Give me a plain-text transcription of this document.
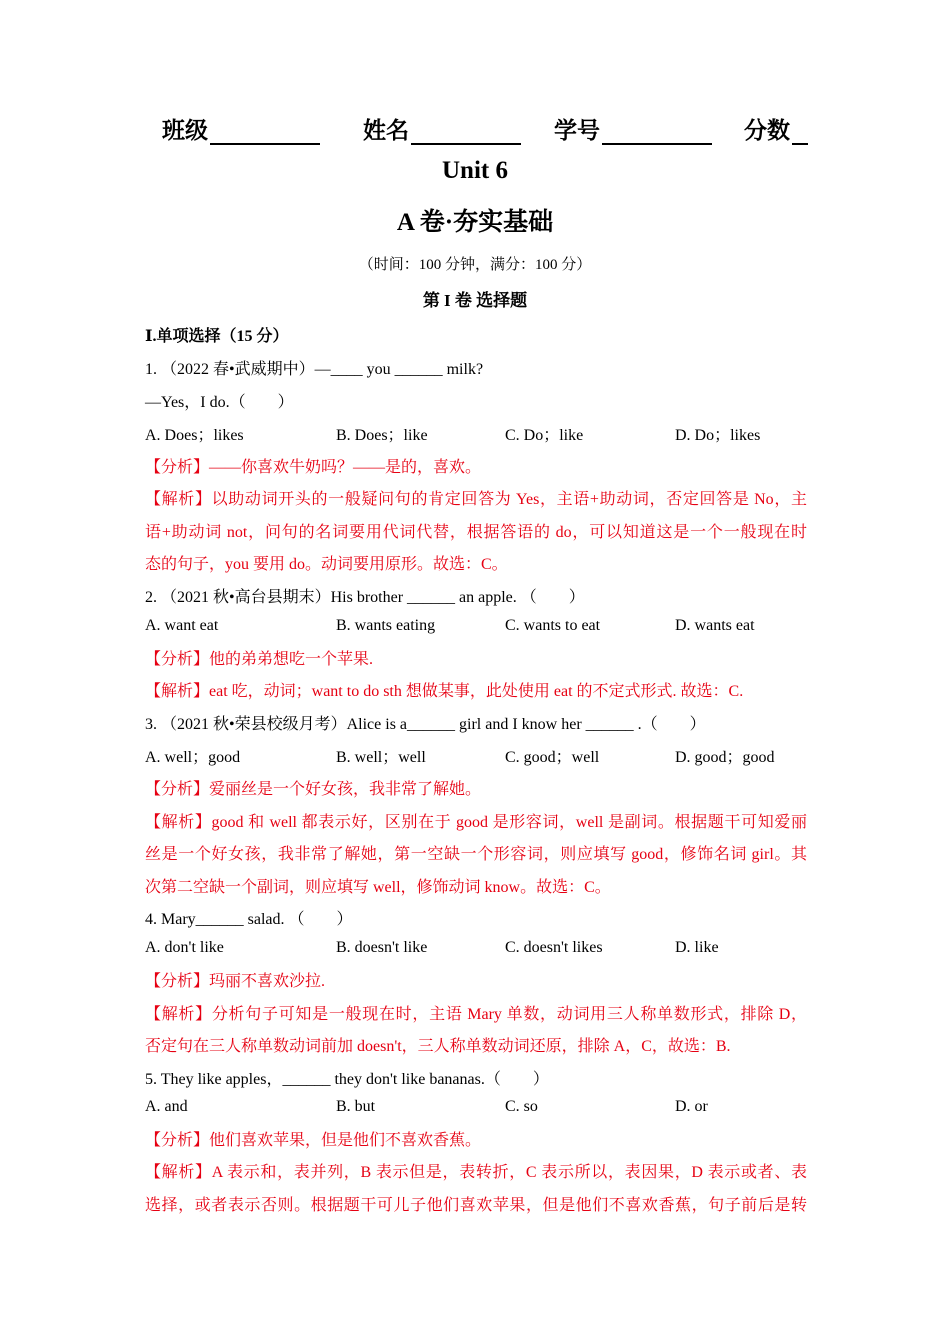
班级	姓名	学号	分数
Unit 6
A 卷·夯实基础
（时间：100 分钟，满分：100 分）
第 I 卷 选择题
Ⅰ.单项选择（15 分）
1. （2022 春•武威期中）—____ you ______ milk?
—Yes，I do.（　　）
A. Does；likes	B. Does；like	C. Do；like	D. Do；likes
【分析】——你喜欢牛奶吗？——是的，喜欢。
【解析】以助动词开头的一般疑问句的肯定回答为 Yes，主语+助动词，否定回答是 No，主
语+助动词 not，问句的名词要用代词代替，根据答语的 do，可以知道这是一个一般现在时
态的句子，you 要用 do。动词要用原形。故选：C。
2. （2021 秋•高台县期末）His brother ______ an apple. （　　）
A. want eat	B. wants eating	C. wants to eat	D. wants eat
【分析】他的弟弟想吃一个苹果.
【解析】eat 吃，动词；want to do sth 想做某事，此处使用 eat 的不定式形式. 故选：C.
3. （2021 秋•荣县校级月考）Alice is a______ girl and I know her ______ .（　　）
A. well；good	B. well；well	C. good；well	D. good；good
【分析】爱丽丝是一个好女孩，我非常了解她。
【解析】good 和 well 都表示好，区别在于 good 是形容词，well 是副词。根据题干可知爱丽
丝是一个好女孩，我非常了解她，第一空缺一个形容词，则应填写 good，修饰名词 girl。其
次第二空缺一个副词，则应填写 well，修饰动词 know。故选：C。
4. Mary______ salad. （　　）
A. don't like	B. doesn't like	C. doesn't likes	D. like
【分析】玛丽不喜欢沙拉.
【解析】分析句子可知是一般现在时，主语 Mary 单数，动词用三人称单数形式，排除 D，
否定句在三人称单数动词前加 doesn't，三人称单数动词还原，排除 A，C，故选：B.
5. They like apples，______ they don't like bananas.（　　）
A. and	B. but	C. so	D. or
【分析】他们喜欢苹果，但是他们不喜欢香蕉。
【解析】A 表示和，表并列，B 表示但是，表转折，C 表示所以，表因果，D 表示或者、表
选择，或者表示否则。根据题干可儿子他们喜欢苹果，但是他们不喜欢香蕉，句子前后是转
